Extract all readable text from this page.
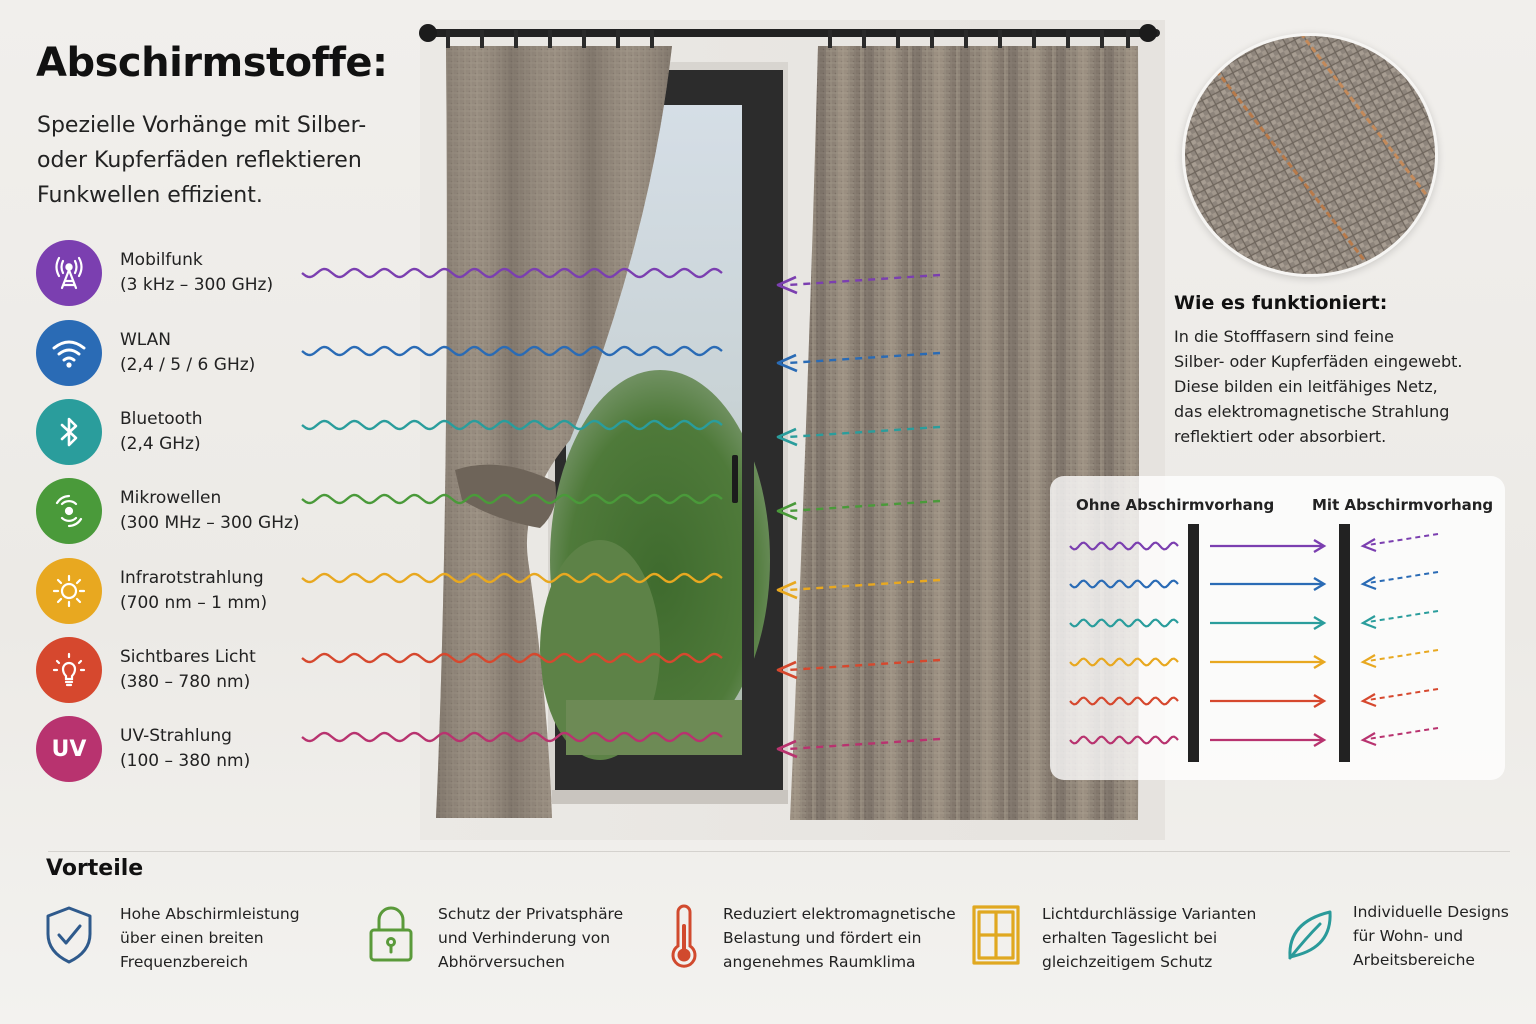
Abschirmstoffe:
Spezielle Vorhänge mit Silber- oder Kupferfäden reflektieren Funkwellen effizient.
Mobilfunk
(3 kHz – 300 GHz)
WLAN
(2,4 / 5 / 6 GHz)
Bluetooth
(2,4 GHz)
Mikrowellen
(300 MHz – 300 GHz)
Infrarotstrahlung
(700 nm – 1 mm)
Sichtbares Licht
(380 – 780 nm)
UV
UV-Strahlung
(100 – 380 nm)
Wie es funktioniert:
In die Stofffasern sind feine
Silber- oder Kupferfäden eingewebt.
Diese bilden ein leitfähiges Netz,
das elektromagnetische Strahlung
reflektiert oder absorbiert.
Ohne Abschirmvorhang	Mit Abschirmvorhang
Vorteile
Hohe Abschirmleistung
über einen breiten
Frequenzbereich
Schutz der Privatsphäre
und Verhinderung von
Abhörversuchen
Reduziert elektromagnetische
Belastung und fördert ein
angenehmes Raumklima
Lichtdurchlässige Varianten
erhalten Tageslicht bei
gleichzeitigem Schutz
Individuelle Designs
für Wohn- und
Arbeitsbereiche
